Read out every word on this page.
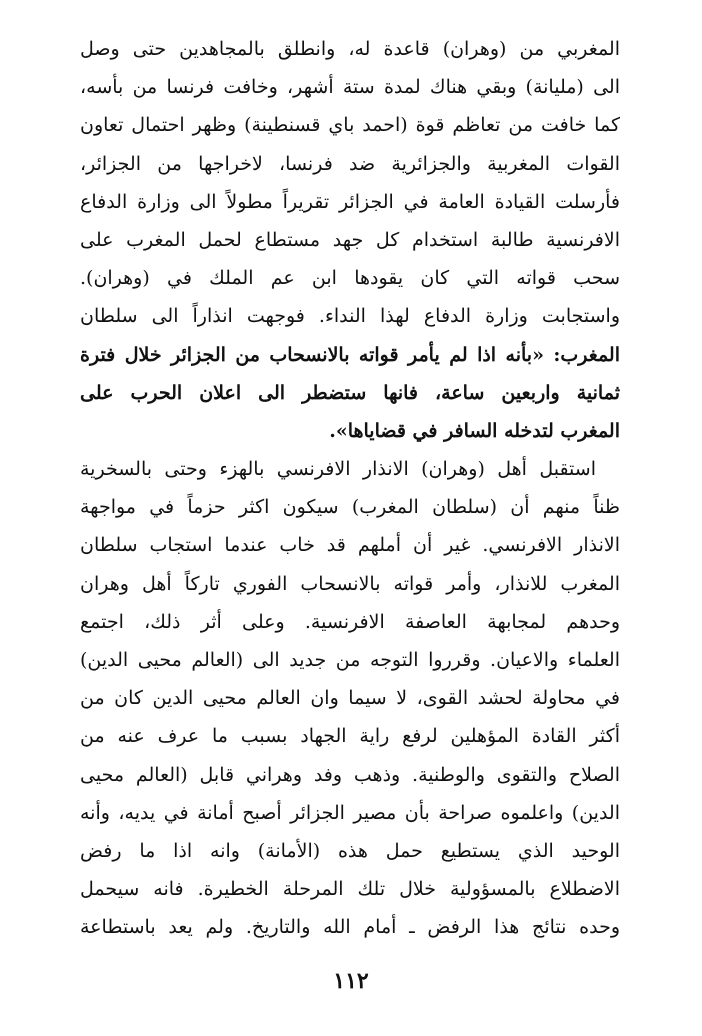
المغربي من (وهران) قاعدة له، وانطلق بالمجاهدين حتى وصل
الى (مليانة) وبقي هناك لمدة ستة أشهر، وخافت فرنسا من بأسه،
كما خافت من تعاظم قوة (احمد باي قسنطينة) وظهر احتمال تعاون
القوات المغربية والجزائرية ضد فرنسا، لاخراجها من الجزائر،
فأرسلت القيادة العامة في الجزائر تقريراً مطولاً الى وزارة الدفاع
الافرنسية طالبة استخدام كل جهد مستطاع لحمل المغرب على
سحب قواته التي كان يقودها ابن عم الملك في (وهران).
واستجابت وزارة الدفاع لهذا النداء. فوجهت انذاراً الى سلطان
المغرب: «بأنه اذا لم يأمر قواته بالانسحاب من الجزائر خلال فترة
ثمانية واربعين ساعة، فانها ستضطر الى اعلان الحرب على
المغرب لتدخله السافر في قضاياها».
استقبل أهل (وهران) الانذار الافرنسي بالهزء وحتى بالسخرية
ظناً منهم أن (سلطان المغرب) سيكون اكثر حزماً في مواجهة
الانذار الافرنسي. غير أن أملهم قد خاب عندما استجاب سلطان
المغرب للانذار، وأمر قواته بالانسحاب الفوري تاركاً أهل وهران
وحدهم لمجابهة العاصفة الافرنسية. وعلى أثر ذلك، اجتمع
العلماء والاعيان. وقرروا التوجه من جديد الى (العالم محيى الدين)
في محاولة لحشد القوى، لا سيما وان العالم محيى الدين كان من
أكثر القادة المؤهلين لرفع راية الجهاد بسبب ما عرف عنه من
الصلاح والتقوى والوطنية. وذهب وفد وهراني قابل (العالم محيى
الدين) واعلموه صراحة بأن مصير الجزائر أصبح أمانة في يديه، وأنه
الوحيد الذي يستطيع حمل هذه (الأمانة) وانه اذا ما رفض
الاضطلاع بالمسؤولية خلال تلك المرحلة الخطيرة. فانه سيحمل
وحده نتائج هذا الرفض ـ أمام الله والتاريخ. ولم يعد باستطاعة
١١٢
